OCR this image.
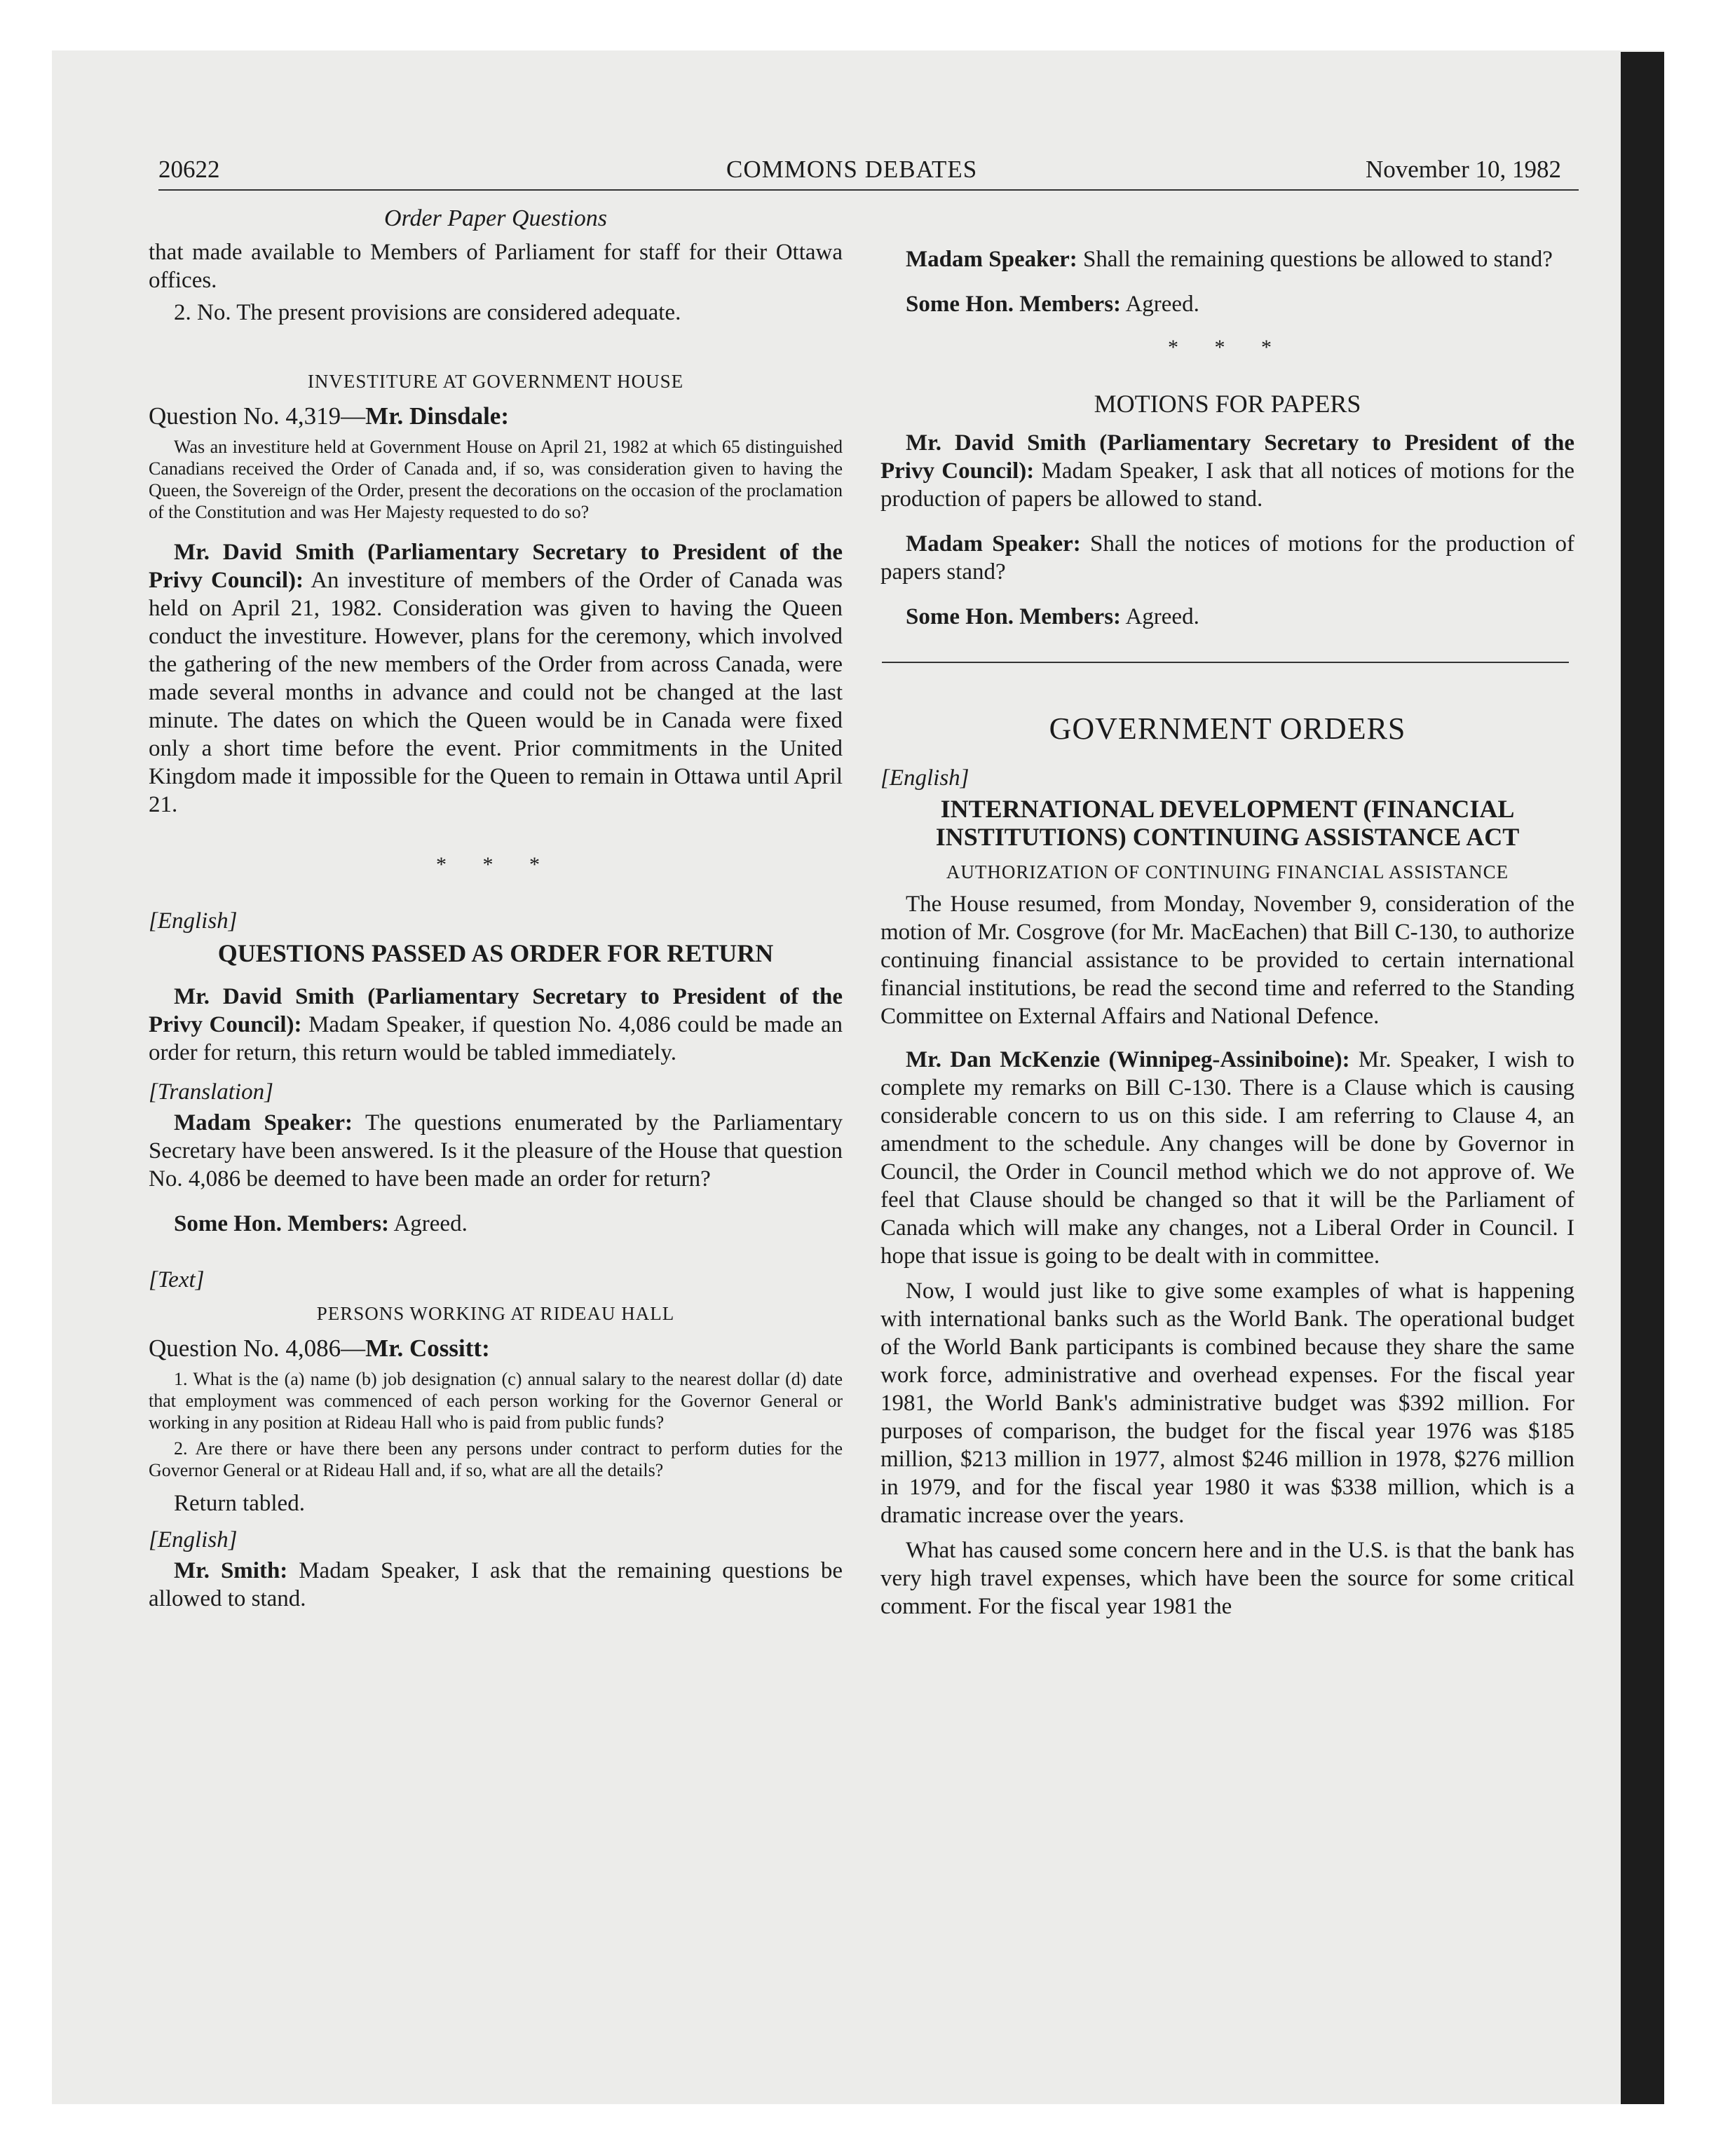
20622	COMMONS DEBATES	November 10, 1982

Order Paper Questions

that made available to Members of Parliament for staff for their Ottawa offices.

2. No. The present provisions are considered adequate.

INVESTITURE AT GOVERNMENT HOUSE

Question No. 4,319—Mr. Dinsdale:

Was an investiture held at Government House on April 21, 1982 at which 65 distinguished Canadians received the Order of Canada and, if so, was consideration given to having the Queen, the Sovereign of the Order, present the decorations on the occasion of the proclamation of the Constitution and was Her Majesty requested to do so?

Mr. David Smith (Parliamentary Secretary to President of the Privy Council): An investiture of members of the Order of Canada was held on April 21, 1982. Consideration was given to having the Queen conduct the investiture. However, plans for the ceremony, which involved the gathering of the new members of the Order from across Canada, were made several months in advance and could not be changed at the last minute. The dates on which the Queen would be in Canada were fixed only a short time before the event. Prior commitments in the United Kingdom made it impossible for the Queen to remain in Ottawa until April 21.

* * *

[English]

QUESTIONS PASSED AS ORDER FOR RETURN

Mr. David Smith (Parliamentary Secretary to President of the Privy Council): Madam Speaker, if question No. 4,086 could be made an order for return, this return would be tabled immediately.

[Translation]

Madam Speaker: The questions enumerated by the Parliamentary Secretary have been answered. Is it the pleasure of the House that question No. 4,086 be deemed to have been made an order for return?

Some Hon. Members: Agreed.

[Text]

PERSONS WORKING AT RIDEAU HALL

Question No. 4,086—Mr. Cossitt:

1. What is the (a) name (b) job designation (c) annual salary to the nearest dollar (d) date that employment was commenced of each person working for the Governor General or working in any position at Rideau Hall who is paid from public funds?

2. Are there or have there been any persons under contract to perform duties for the Governor General or at Rideau Hall and, if so, what are all the details?

Return tabled.

[English]

Mr. Smith: Madam Speaker, I ask that the remaining questions be allowed to stand.

Madam Speaker: Shall the remaining questions be allowed to stand?

Some Hon. Members: Agreed.

* * *

MOTIONS FOR PAPERS

Mr. David Smith (Parliamentary Secretary to President of the Privy Council): Madam Speaker, I ask that all notices of motions for the production of papers be allowed to stand.

Madam Speaker: Shall the notices of motions for the production of papers stand?

Some Hon. Members: Agreed.

GOVERNMENT ORDERS

[English]

INTERNATIONAL DEVELOPMENT (FINANCIAL INSTITUTIONS) CONTINUING ASSISTANCE ACT

AUTHORIZATION OF CONTINUING FINANCIAL ASSISTANCE

The House resumed, from Monday, November 9, consideration of the motion of Mr. Cosgrove (for Mr. MacEachen) that Bill C-130, to authorize continuing financial assistance to be provided to certain international financial institutions, be read the second time and referred to the Standing Committee on External Affairs and National Defence.

Mr. Dan McKenzie (Winnipeg-Assiniboine): Mr. Speaker, I wish to complete my remarks on Bill C-130. There is a Clause which is causing considerable concern to us on this side. I am referring to Clause 4, an amendment to the schedule. Any changes will be done by Governor in Council, the Order in Council method which we do not approve of. We feel that Clause should be changed so that it will be the Parliament of Canada which will make any changes, not a Liberal Order in Council. I hope that issue is going to be dealt with in committee.

Now, I would just like to give some examples of what is happening with international banks such as the World Bank. The operational budget of the World Bank participants is combined because they share the same work force, administrative and overhead expenses. For the fiscal year 1981, the World Bank's administrative budget was $392 million. For purposes of comparison, the budget for the fiscal year 1976 was $185 million, $213 million in 1977, almost $246 million in 1978, $276 million in 1979, and for the fiscal year 1980 it was $338 million, which is a dramatic increase over the years.

What has caused some concern here and in the U.S. is that the bank has very high travel expenses, which have been the source for some critical comment. For the fiscal year 1981 the
